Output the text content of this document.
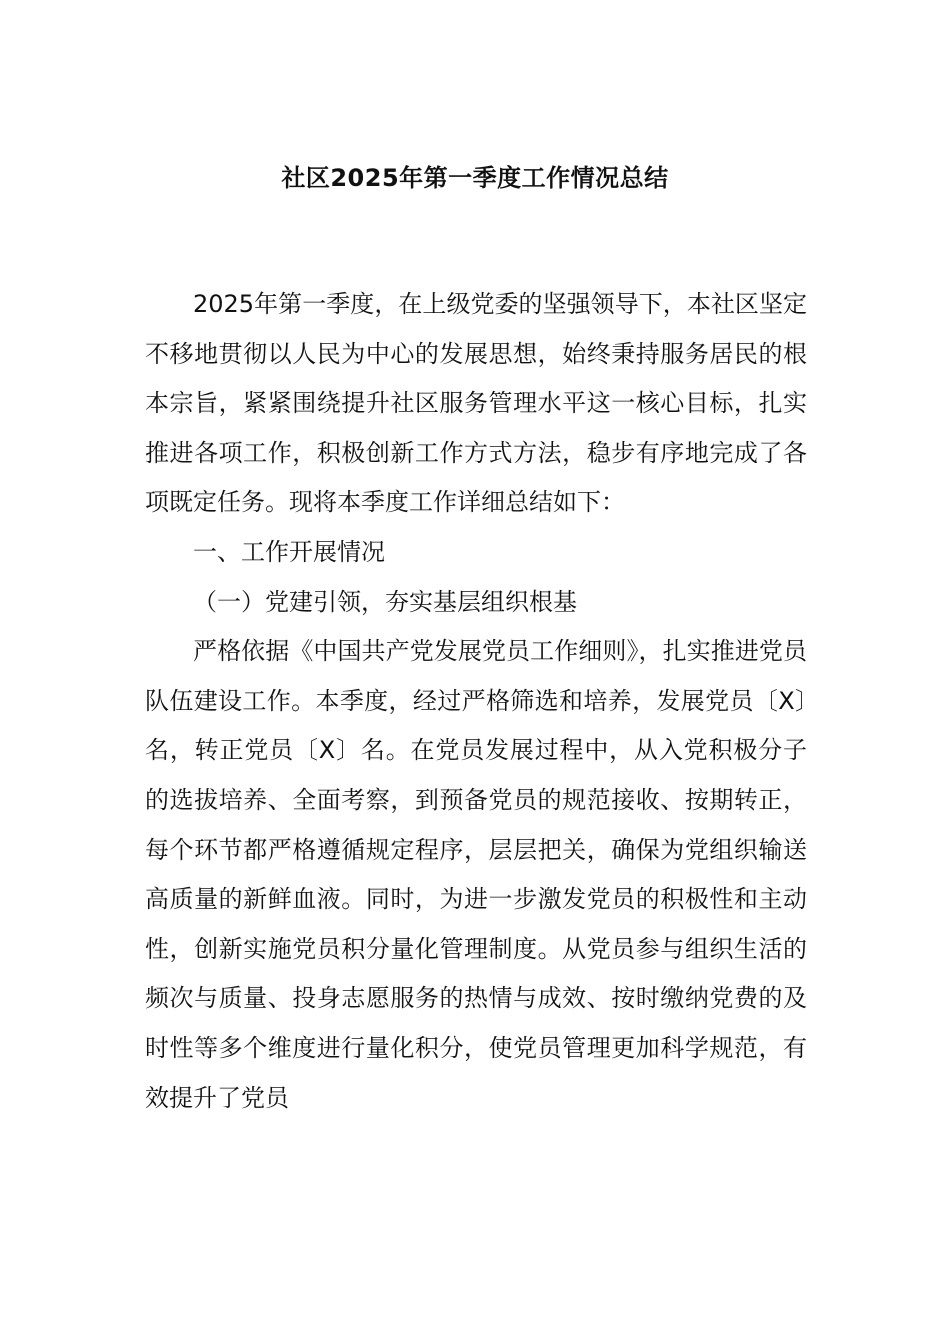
社区2025年第一季度工作情况总结

2025年第一季度，在上级党委的坚强领导下，本社区坚定不移地贯彻以人民为中心的发展思想，始终秉持服务居民的根本宗旨，紧紧围绕提升社区服务管理水平这一核心目标，扎实推进各项工作，积极创新工作方式方法，稳步有序地完成了各项既定任务。现将本季度工作详细总结如下：

一、工作开展情况

（一）党建引领，夯实基层组织根基

严格依据《中国共产党发展党员工作细则》，扎实推进党员队伍建设工作。本季度，经过严格筛选和培养，发展党员〔X〕名，转正党员〔X〕名。在党员发展过程中，从入党积极分子的选拔培养、全面考察，到预备党员的规范接收、按期转正，每个环节都严格遵循规定程序，层层把关，确保为党组织输送高质量的新鲜血液。同时，为进一步激发党员的积极性和主动性，创新实施党员积分量化管理制度。从党员参与组织生活的频次与质量、投身志愿服务的热情与成效、按时缴纳党费的及时性等多个维度进行量化积分，使党员管理更加科学规范，有效提升了党员
